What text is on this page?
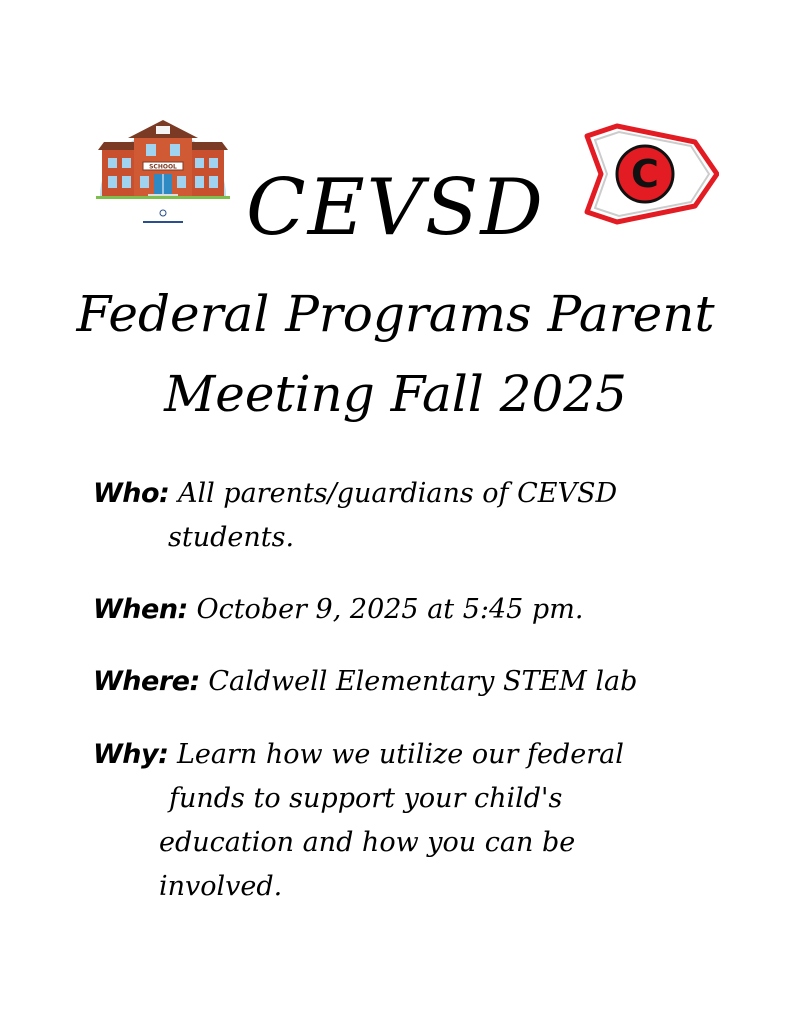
SCHOOL	C
CEVSD
Federal Programs Parent
Meeting Fall 2025

Who: All parents/guardians of CEVSD
students.

When: October 9, 2025 at 5:45 pm.

Where: Caldwell Elementary STEM lab

Why: Learn how we utilize our federal
funds to support your child's
education and how you can be
involved.
